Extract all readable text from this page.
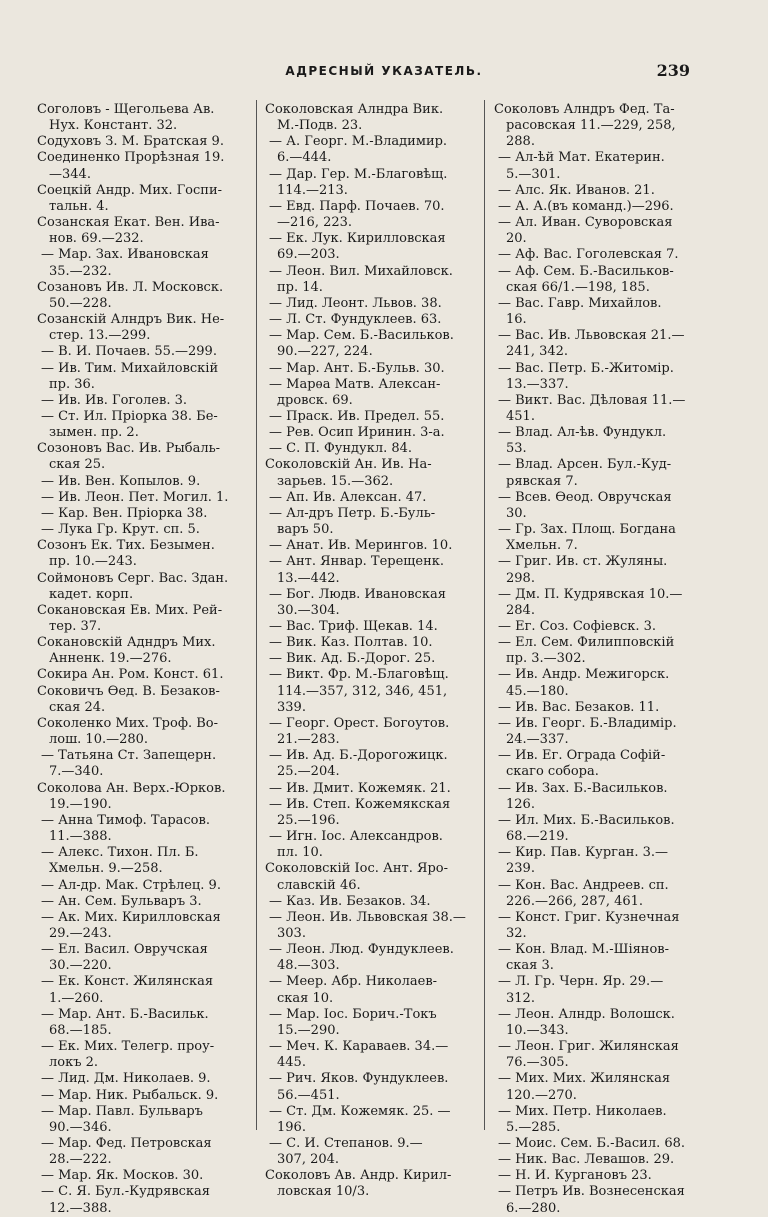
АДРЕСНЫЙ УКАЗАТЕЛЬ.	239
Соголовъ - Щегольева Ав.
Нух. Констант. 32.
Содуховъ З. М. Братская 9.
Соединенко Прорѣзная 19.
—344.
Соецкій Андр. Мих. Госпи-
тальн. 4.
Созанская Екат. Вен. Ива-
нов. 69.—232.
— Мар. Зах. Ивановская
35.—232.
Созановъ Ив. Л. Московск.
50.—228.
Созанскій Алндръ Вик. Не-
стер. 13.—299.
— В. И. Почаев. 55.—299.
— Ив. Тим. Михайловскій
пр. 36.
— Ив. Ив. Гоголев. 3.
— Ст. Ил. Пріорка 38. Бе-
зымен. пр. 2.
Созоновъ Вас. Ив. Рыбаль-
ская 25.
— Ив. Вен. Копылов. 9.
— Ив. Леон. Пет. Могил. 1.
— Кар. Вен. Пріорка 38.
— Лука Гр. Крут. сп. 5.
Созонъ Ек. Тих. Безымен.
пр. 10.—243.
Соймоновъ Серг. Вас. Здан.
кадет. корп.
Сокановская Ев. Мих. Рей-
тер. 37.
Сокановскій Адндръ Мих.
Анненк. 19.—276.
Сокира Ан. Ром. Конст. 61.
Соковичъ Ѳед. В. Безаков-
ская 24.
Соколенко Мих. Троф. Во-
лош. 10.—280.
— Татьяна Ст. Запещерн.
7.—340.
Соколова Ан. Верх.-Юрков.
19.—190.
— Анна Тимоф. Тарасов.
11.—388.
— Алекс. Тихон. Пл. Б.
Хмельн. 9.—258.
— Ал-др. Мак. Стрѣлец. 9.
— Ан. Сем. Бульваръ 3.
— Ак. Мих. Кирилловская
29.—243.
— Ел. Васил. Овручская
30.—220.
— Ек. Конст. Жилянская
1.—260.
— Мар. Ант. Б.-Васильк.
68.—185.
— Ек. Мих. Телегр. проу-
локъ 2.
— Лид. Дм. Николаев. 9.
— Мар. Ник. Рыбальск. 9.
— Мар. Павл. Бульваръ
90.—346.
— Мар. Фед. Петровская
28.—222.
— Мар. Як. Москов. 30.
— С. Я. Бул.-Кудрявская
12.—388.
Соколовская Алндра Вик.
М.-Подв. 23.
— А. Георг. М.-Владимир.
6.—444.
— Дар. Гер. М.-Благовѣщ.
114.—213.
— Евд. Парф. Почаев. 70.
—216, 223.
— Ек. Лук. Кирилловская
69.—203.
— Леон. Вил. Михайловск.
пр. 14.
— Лид. Леонт. Львов. 38.
— Л. Ст. Фундуклеев. 63.
— Мар. Сем. Б.-Васильков.
90.—227, 224.
— Мар. Ант. Б.-Бульв. 30.
— Марѳа Матв. Алексан-
дровск. 69.
— Праск. Ив. Предел. 55.
— Рев. Осип Иринин. 3-а.
— С. П. Фундукл. 84.
Соколовскій Ан. Ив. На-
зарьев. 15.—362.
— Ап. Ив. Алексан. 47.
— Ал-дръ Петр. Б.-Буль-
варъ 50.
— Анат. Ив. Мерингов. 10.
— Ант. Январ. Терещенк.
13.—442.
— Бог. Людв. Ивановская
30.—304.
— Вас. Триф. Щекав. 14.
— Вик. Каз. Полтав. 10.
— Вик. Ад. Б.-Дорог. 25.
— Викт. Фр. М.-Благовѣщ.
114.—357, 312, 346, 451,
339.
— Георг. Орест. Богоутов.
21.—283.
— Ив. Ад. Б.-Дорогожицк.
25.—204.
— Ив. Дмит. Кожемяк. 21.
— Ив. Степ. Кожемякская
25.—196.
— Игн. Іос. Александров.
пл. 10.
Соколовскій Іос. Ант. Яро-
славскій 46.
— Каз. Ив. Безаков. 34.
— Леон. Ив. Львовская 38.—
303.
— Леон. Люд. Фундуклеев.
48.—303.
— Меер. Абр. Николаев-
ская 10.
— Мар. Іос. Борич.-Токъ
15.—290.
— Меч. К. Караваев. 34.—
445.
— Рич. Яков. Фундуклеев.
56.—451.
— Ст. Дм. Кожемяк. 25. —
196.
— С. И. Степанов. 9.—
307, 204.
Соколовъ Ав. Андр. Кирил-
ловская 10/3.
Соколовъ Алндръ Фед. Та-
расовская 11.—229, 258,
288.
— Ал-ѣй Мат. Екатерин.
5.—301.
— Алс. Як. Иванов. 21.
— А. А.(въ команд.)—296.
— Ал. Иван. Суворовская
20.
— Аф. Вас. Гоголевская 7.
— Аф. Сем. Б.-Васильков-
ская 66/1.—198, 185.
— Вас. Гавр. Михайлов.
16.
— Вас. Ив. Львовская 21.—
241, 342.
— Вас. Петр. Б.-Житомір.
13.—337.
— Викт. Вас. Дѣловая 11.—
451.
— Влад. Ал-ѣв. Фундукл.
53.
— Влад. Арсен. Бул.-Куд-
рявская 7.
— Всев. Ѳеод. Овручская
30.
— Гр. Зах. Площ. Богдана
Хмельн. 7.
— Григ. Ив. ст. Жуляны.
298.
— Дм. П. Кудрявская 10.—
284.
— Ег. Соз. Софіевск. 3.
— Ел. Сем. Филипповскій
пр. 3.—302.
— Ив. Андр. Межигорск.
45.—180.
— Ив. Вас. Безаков. 11.
— Ив. Георг. Б.-Владимір.
24.—337.
— Ив. Ег. Ограда Софій-
скаго собора.
— Ив. Зах. Б.-Васильков.
126.
— Ил. Мих. Б.-Васильков.
68.—219.
— Кир. Пав. Курган. 3.—
239.
— Кон. Вас. Андреев. сп.
226.—266, 287, 461.
— Конст. Григ. Кузнечная
32.
— Кон. Влад. М.-Шіянов-
ская 3.
— Л. Гр. Черн. Яр. 29.—
312.
— Леон. Алндр. Волошск.
10.—343.
— Леон. Григ. Жилянская
76.—305.
— Мих. Мих. Жилянская
120.—270.
— Мих. Петр. Николаев.
5.—285.
— Моис. Сем. Б.-Васил. 68.
— Ник. Вас. Левашов. 29.
— Н. И. Кургановъ 23.
— Петръ Ив. Вознесенская
6.—280.
